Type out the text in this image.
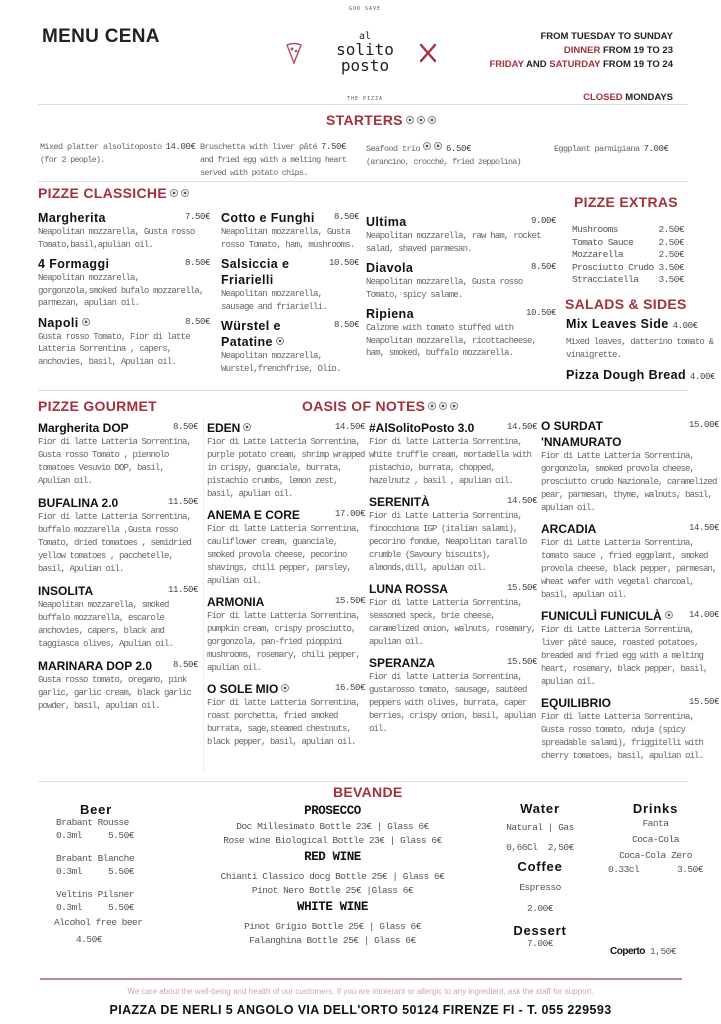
MENU CENA
GOD SAVE
al
solito
posto
THE PIZZA
FROM TUESDAY TO SUNDAY
DINNER FROM 19 TO 23
FRIDAY AND SATURDAY FROM 19 TO 24
CLOSED MONDAYS
STARTERS
PIZZE CLASSICHE
PIZZE EXTRAS
Mushrooms	2.50€
Tomato Sauce	2.50€
Mozzarella	2.50€
Prosciutto Crudo 3.50€
Stracciatella 3.50€
SALADS & SIDES
PIZZE GOURMET	OASIS OF NOTES
BEVANDE
Beer
Brabant Rousse
0.3ml	5.50€
Brabant Blanche
0.3ml	5.50€
Veltins Pilsner
0.3ml	5.50€
Alcohol free beer
4.50€
PROSECCO
Doc Millesimato Bottle 23€ | Glass 6€
Rose wine Biological Bottle 23€ | Glass 6€
RED WINE
Chianti Classico docg Bottle 25€ | Glass 6€
Pinot Nero Bottle 25€ |Glass 6€
WHITE WINE
Pinot Grigio Bottle 25€ | Glass 6€
Falanghina Bottle 25€ | Glass 6€
Water
Natural | Gas
0,66Cl 2,50€
Coffee
Espresso
2.00€
Dessert
7.00€
Drinks
Fanta
Coca-Cola
Coca-Cola Zero
0.33cl	3.50€
Coperto 1,50€
We care about the well-being and health of our customers. If you are intolerant or allergic to any ingredient, ask the staff for support.
PIAZZA DE NERLI 5 ANGOLO VIA DELL'ORTO 50124 FIRENZE FI - T. 055 229593
Mixed platter alsolitoposto 14.00€
(for 2 people).
Bruschetta with liver pâté 7.50€
and fried egg with a melting heart served with potato chips.
Seafood trio	6.50€
(arancino, crocché, fried zeppolina)
Eggplant parmigiana 7.00€
Margherita	7.50€
Neapolitan mozzarella, Gusta rosso Tomato,basil,apulian oil.
4 Formaggi	8.50€
Neapolitan mozzarella, gorgonzola,smoked bufalo mozzarella, parmezan, apulian oil.
Napoli	8.50€
Gusta rosso Tomato, Fior di latte Latteria Sorrentina , capers, anchovies, basil, Apulian oil.
Cotto e Funghi 8.50€
Neapolitan mozzarella, Gusta rosso Tomato, ham, mushrooms.
Salsiccia e Friarielli
10.50€
Neapolitan mozzarella, sausage and friarielli.
Würstel e Patatine
8.50€
Neapolitan mozzarella, Wurstel,frenchfrise, Olio.
Ultima	9.00€
Neapolitan mozzarella, raw ham, rocket salad, shaved parmesan.
Diavola	8.50€
Neapolitan mozzarella, Gusta rosso Tomato, spicy salame.
Ripiena	10.50€
Calzone with tomato stuffed with Neapolitan mozzarella, ricottacheese, ham, smoked, buffalo mozzarella.
Mix Leaves Side 4.00€
Mixed leaves, datterino tomato & vinaigrette.
Pizza Dough Bread 4.00€
Margherita DOP	8.50€
Fior di latte Latteria Sorrentina, Gusta rosso Tomato , piennolo tomatoes Vesuvio DOP, basil, Apulian oil.
BUFALINA 2.0	11.50€
Fior di latte Latteria Sorrentina, buffalo mozzarella ,Gusta rosso Tomato, dried tomatoes , semidried yellow tomatoes , pacchetelle, basil, Apulian oil.
INSOLITA	11.50€
Neapolitan mozzarella, smoked buffalo mozzarella, escarole anchovies, capers, black and taggiasca olives, Apulian oil.
MARINARA DOP 2.0 8.50€
Gusta rosso tomato, oregano, pink garlic, garlic cream, black garlic powder, basil, apulian oil.
EDEN	14.50€
Fior di Latte Latteria Sorrentina, purple potato cream, shrimp wrapped in crispy, guanciale, burrata, pistachio crumbs, lemon zest, basil, apulian oil.
ANEMA E CORE	17.00€
Fior di latte Latteria Sorrentina, cauliflower cream, guanciale, smoked provola cheese, pecorino shavings, chili pepper, parsley, apulian oil.
ARMONIA	15.50€
Fior di latte Latteria Sorrentina, pumpkin cream, crispy prosciutto, gorgonzola, pan-fried pioppini mushrooms, rosemary, chili pepper, apulian oil.
O SOLE MIO	16.50€
Fior di latte Latteria Sorrentina, roast porchetta, fried smoked burrata, sage,steamed chestnuts, black pepper, basil, apulian oil.
#AlSolitoPosto 3.0	14.50€
Fior di latte Latteria Sorrentina, white truffle cream, mortadella with pistachio, burrata, chopped, hazelnutz , basil , apulian oil.
SERENITÀ	14.50€
Fior di Latte Latteria Sorrentina, finocchiona IGP (italian salami), pecorino fondue, Neapolitan tarallo crumble (Savoury biscuits), almonds,dill, apulian oil.
LUNA ROSSA	15.50€
Fior di latte Latteria Sorrentina, seasoned speck, brie cheese, caramelized onion, walnuts, rosemary, apulian oil.
SPERANZA	15.50€
Fior di latte Latteria Sorrentina, gustarosso tomato, sausage, sautèed peppers with olives, burrata, caper berries, crispy onion, basil, apulian oil.
O SURDAT 'NNAMURATO
15.00€
Fior di Latte Latteria Sorrentina, gorgonzola, smoked provola cheese, prosciutto crudo Nazionale, caramelized pear, parmesan, thyme, walnuts, basil, apulian oil.
ARCADIA	14.50€
Fior di Latte Latteria Sorrentina, tomato sauce , fried eggplant, smoked provola cheese, black pepper, parmesan, wheat wafer with vegetal charcoal, basil, apulian oil.
FUNICULÌ FUNICULÀ	14.00€
Fior di Latte Latteria Sorrentina, liver pâté sauce, roasted potatoes, breaded and fried egg with a melting heart, rosemary, black pepper, basil, apulian oil.
EQUILIBRIO	15.50€
Fior di latte Latteria Sorrentina, Gusta rosso tomato, nduja (spicy spreadable salami), friggitelli with cherry tomatoes, basil, apulian oil.
